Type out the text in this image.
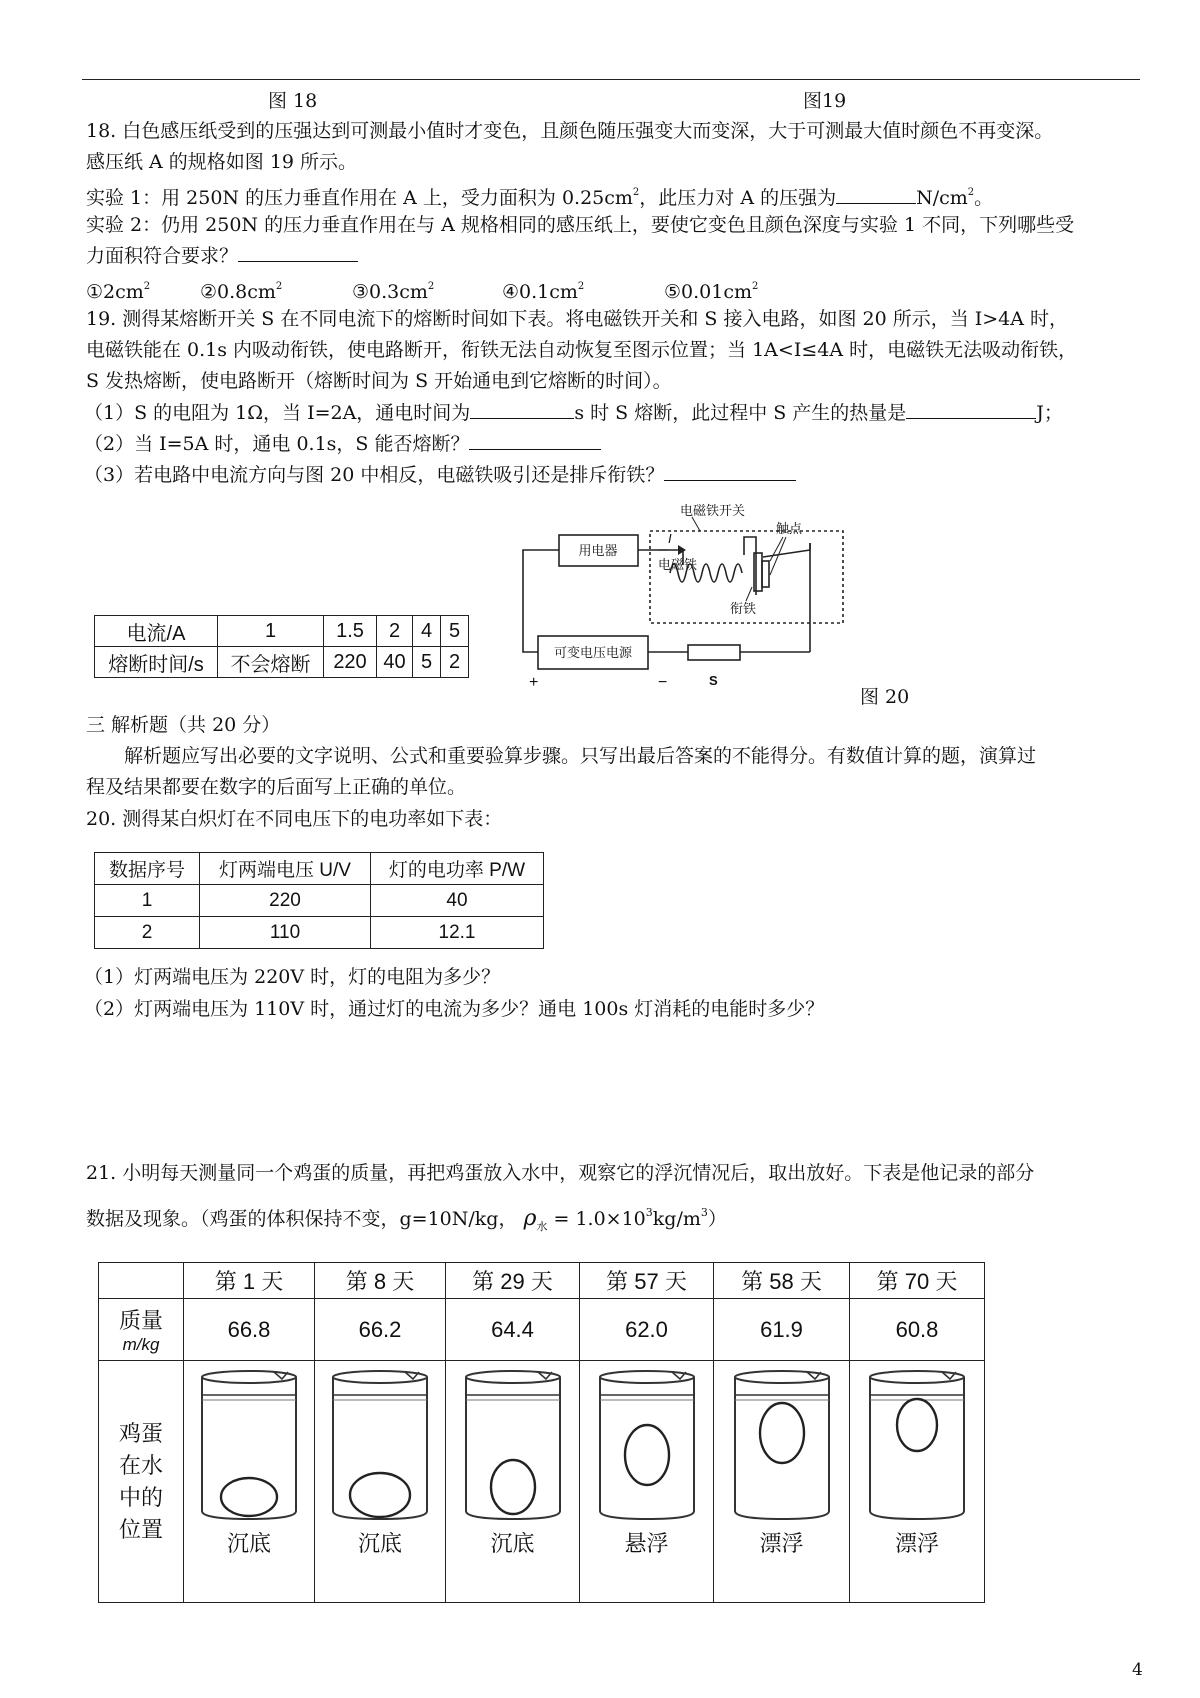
图 18	图19
18. 白色感压纸受到的压强达到可测最小值时才变色，且颜色随压强变大而变深，大于可测最大值时颜色不再变深。
感压纸 A 的规格如图 19 所示。
实验 1：用 250N 的压力垂直作用在 A 上，受力面积为 $0.25cm^2$，此压力对 A 的压强为	$N/cm^2$。
实验 2：仍用 250N 的压力垂直作用在与 A 规格相同的感压纸上，要使它变色且颜色深度与实验 1 不同，下列哪些受
力面积符合要求？
$①2cm^2$	$②0.8cm^2$	$③0.3cm^2$	$④0.1cm^2$	$⑤0.01cm^2$
19. 测得某熔断开关 S 在不同电流下的熔断时间如下表。将电磁铁开关和 S 接入电路，如图 20 所示，当 I>4A 时，
电磁铁能在 0.1s 内吸动衔铁，使电路断开，衔铁无法自动恢复至图示位置；当 1A<I≤4A 时，电磁铁无法吸动衔铁，
S 发热熔断，使电路断开（熔断时间为 S 开始通电到它熔断的时间）。
（1）S 的电阻为 1Ω，当 I=2A，通电时间为	s 时 S 熔断，此过程中 S 产生的热量是	J；
（2）当 I=5A 时，通电 0.1s，S 能否熔断？
（3）若电路中电流方向与图 20 中相反，电磁铁吸引还是排斥衔铁？
电流/A	1	1.5	2	4	5
熔断时间/s	不会熔断	220	40	5	2
用电器
可变电压电源
电磁铁开关
电磁铁
触点
衔铁
I
S
+	−
图 20
三 解析题（共 20 分）
解析题应写出必要的文字说明、公式和重要验算步骤。只写出最后答案的不能得分。有数值计算的题，演算过
程及结果都要在数字的后面写上正确的单位。
20. 测得某白炽灯在不同电压下的电功率如下表：
数据序号	灯两端电压 U/V	灯的电功率 P/W
1	220	40
2	110	12.1
（1）灯两端电压为 220V 时，灯的电阻为多少？
（2）灯两端电压为 110V 时，通过灯的电流为多少？通电 100s 灯消耗的电能时多少？
21. 小明每天测量同一个鸡蛋的质量，再把鸡蛋放入水中，观察它的浮沉情况后，取出放好。下表是他记录的部分
数据及现象。（鸡蛋的体积保持不变，g=10N/kg， $\rho_水 = 1.0\times 10^3kg/m^3$）
	第 1 天	第 8 天	第 29 天	第 57 天	第 58 天	第 70 天

质量
m/kg	66.8	66.2	64.4	62.0	61.9	60.8

鸡蛋
在水
中的
位置	沉底	沉底	沉底	悬浮	漂浮	漂浮
4
